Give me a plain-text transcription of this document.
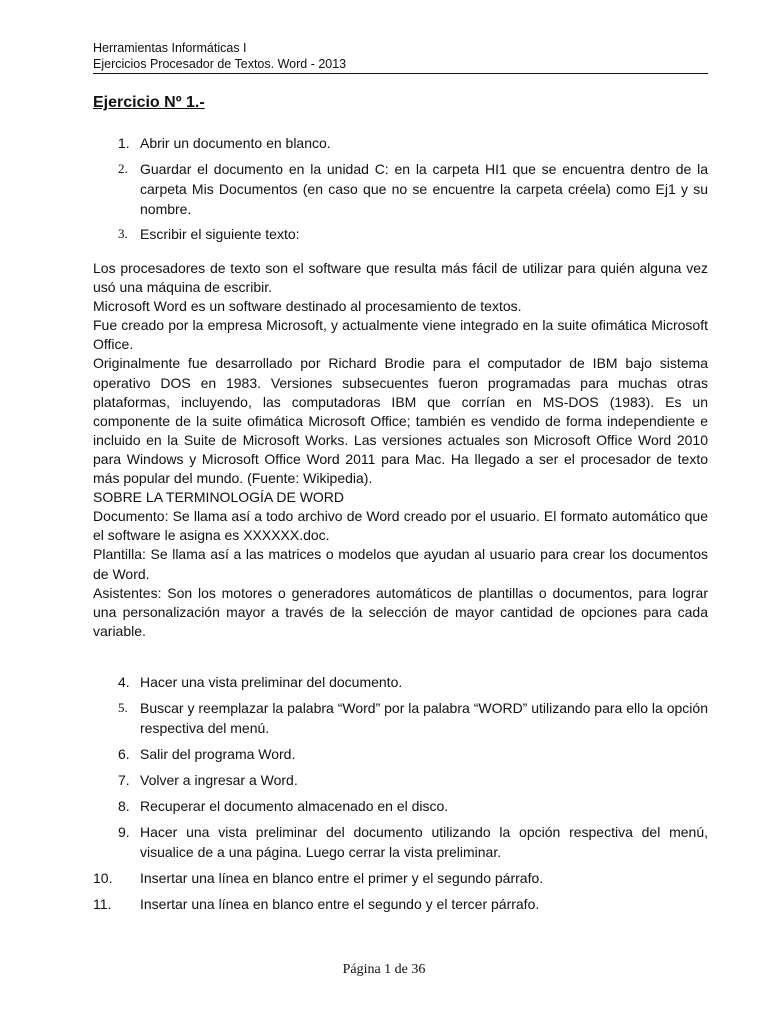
Herramientas Informáticas I
Ejercicios Procesador de Textos. Word - 2013
Ejercicio Nº 1.-
1. Abrir un documento en blanco.
2. Guardar el documento en la unidad C: en la carpeta HI1 que se encuentra dentro de la carpeta Mis Documentos (en caso que no se encuentre la carpeta créela) como Ej1 y su nombre.
3. Escribir el siguiente texto:

Los procesadores de texto son el software que resulta más fácil de utilizar para quién alguna vez usó una máquina de escribir.

Microsoft Word es un software destinado al procesamiento de textos.

Fue creado por la empresa Microsoft, y actualmente viene integrado en la suite ofimática Microsoft Office.

Originalmente fue desarrollado por Richard Brodie para el computador de IBM bajo sistema operativo DOS en 1983. Versiones subsecuentes fueron programadas para muchas otras plataformas, incluyendo, las computadoras IBM que corrían en MS-DOS (1983). Es un componente de la suite ofimática Microsoft Office; también es vendido de forma independiente e incluido en la Suite de Microsoft Works. Las versiones actuales son Microsoft Office Word 2010 para Windows y Microsoft Office Word 2011 para Mac. Ha llegado a ser el procesador de texto más popular del mundo. (Fuente: Wikipedia).

SOBRE LA TERMINOLOGÍA DE WORD

Documento: Se llama así a todo archivo de Word creado por el usuario. El formato automático que el software le asigna es XXXXXX.doc.

Plantilla: Se llama así a las matrices o modelos que ayudan al usuario para crear los documentos de Word.

Asistentes: Son los motores o generadores automáticos de plantillas o documentos, para lograr una personalización mayor a través de la selección de mayor cantidad de opciones para cada variable.

4. Hacer una vista preliminar del documento.
5. Buscar y reemplazar la palabra “Word” por la palabra “WORD” utilizando para ello la opción respectiva del menú.
6. Salir del programa Word.
7. Volver a ingresar a Word.
8. Recuperar el documento almacenado en el disco.
9. Hacer una vista preliminar del documento utilizando la opción respectiva del menú, visualice de a una página. Luego cerrar la vista preliminar.
10. Insertar una línea en blanco entre el primer y el segundo párrafo.
11. Insertar una línea en blanco entre el segundo y el tercer párrafo.
Página 1 de 36
